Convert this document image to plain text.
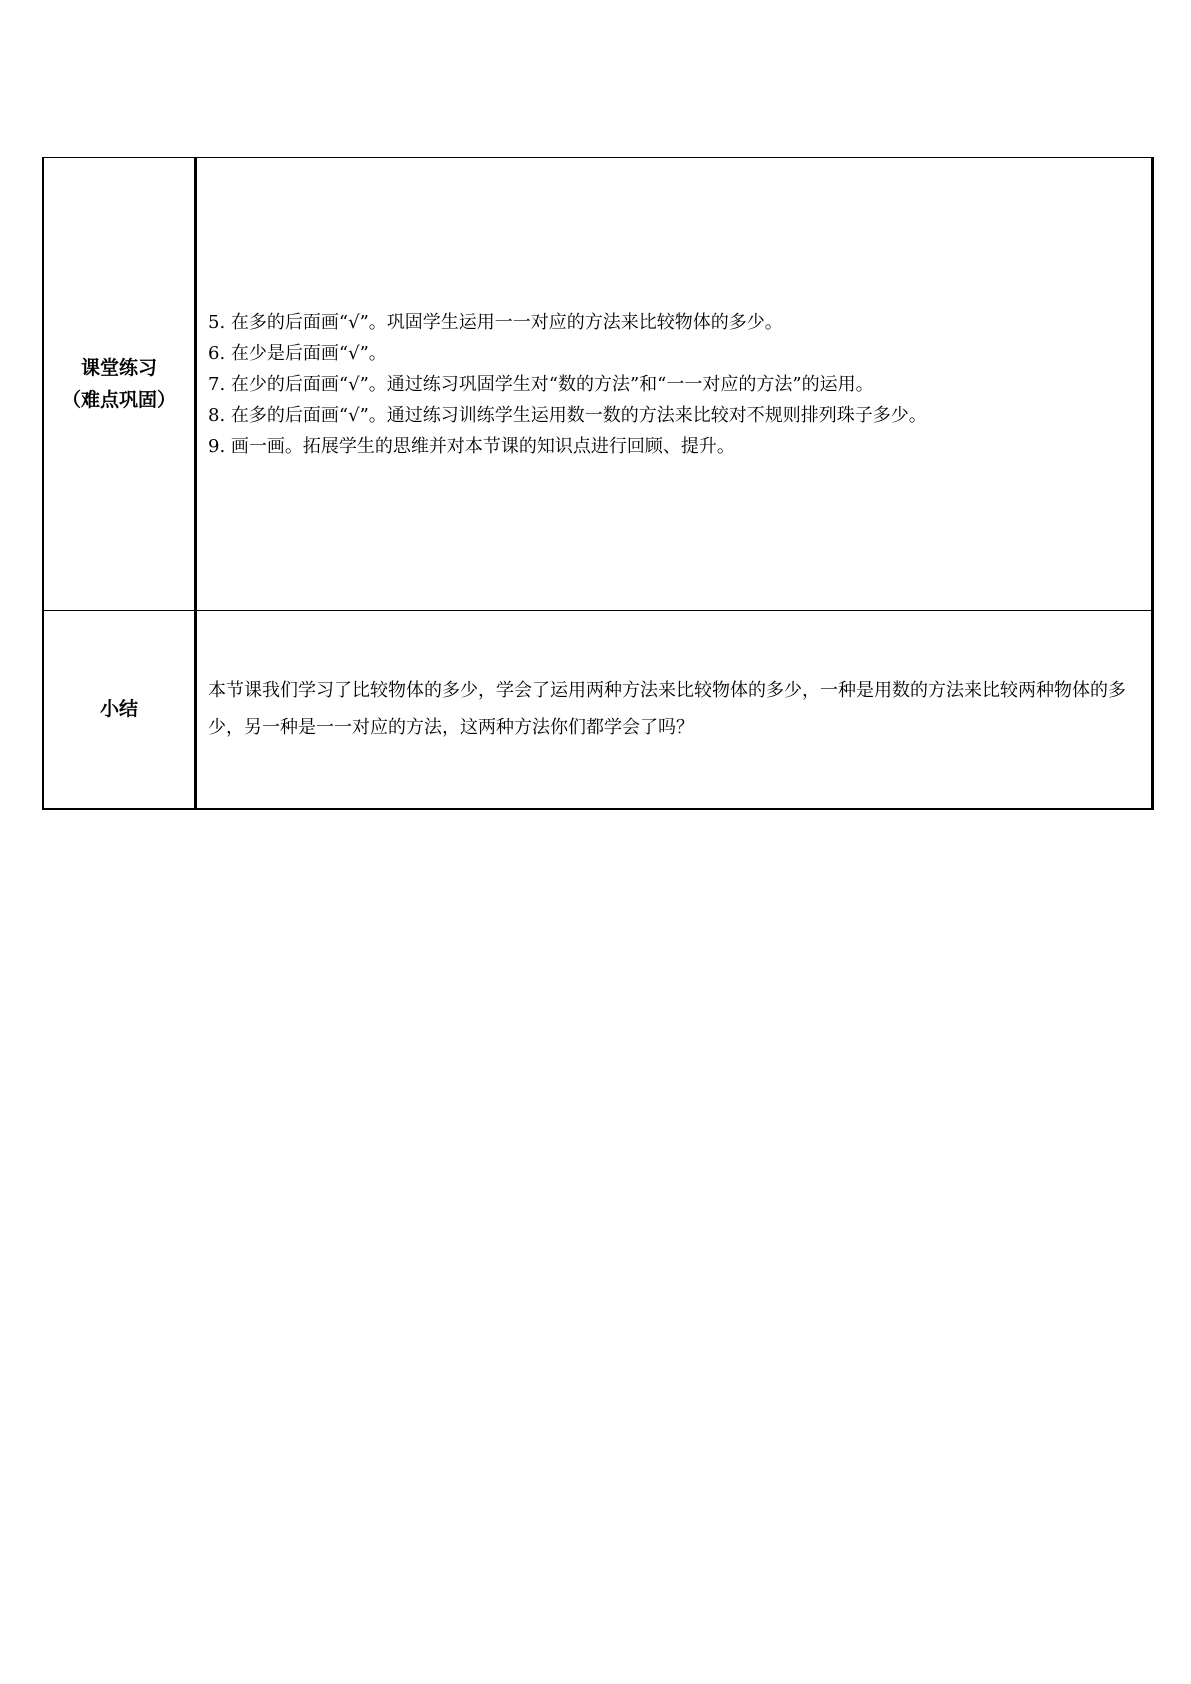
课堂练习
（难点巩固）	5. 在多的后面画“√”。巩固学生运用一一对应的方法来比较物体的多少。
6. 在少是后面画“√”。
7. 在少的后面画“√”。通过练习巩固学生对“数的方法”和“一一对应的方法”的运用。
8. 在多的后面画“√”。通过练习训练学生运用数一数的方法来比较对不规则排列珠子多少。
9. 画一画。拓展学生的思维并对本节课的知识点进行回顾、提升。

小结	本节课我们学习了比较物体的多少，学会了运用两种方法来比较物体的多少，一种是用数的方法来比较两种物体的多少，另一种是一一对应的方法，这两种方法你们都学会了吗？
